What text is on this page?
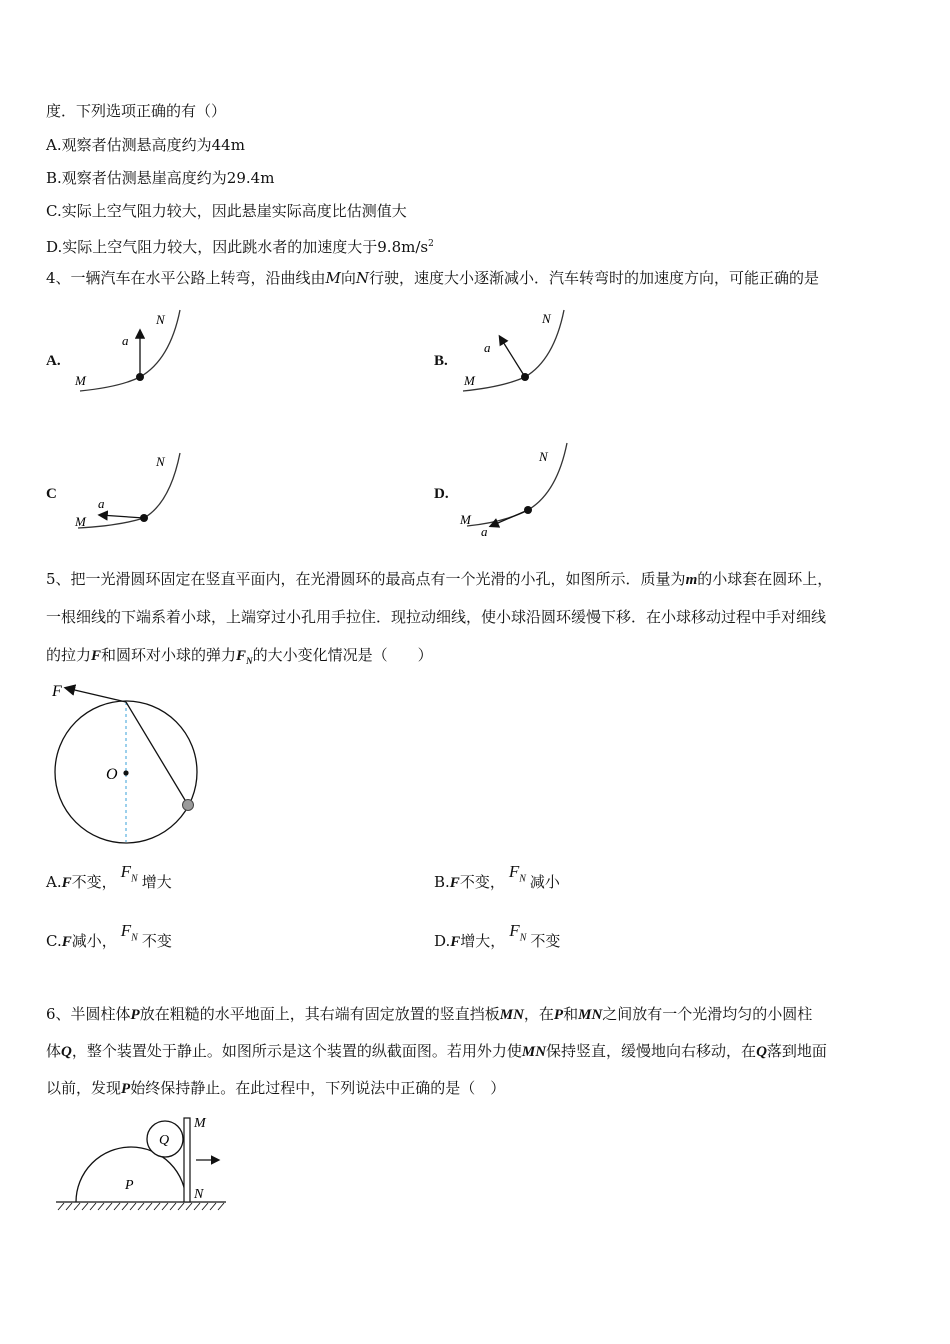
度．下列选项正确的有（）
A.观察者估测悬高度约为44m
B.观察者估测悬崖高度约为29.4m
C.实际上空气阻力较大，因此悬崖实际高度比估测值大
D.实际上空气阻力较大，因此跳水者的加速度大于$9.8m/s^2$
4、一辆汽车在水平公路上转弯，沿曲线由M向N行驶，速度大小逐渐减小．汽车转弯时的加速度方向，可能正确的是
A.	B.
C	D.
a
N
M
a
N
M
a
N
M
a
N
M
5、把一光滑圆环固定在竖直平面内，在光滑圆环的最高点有一个光滑的小孔，如图所示．质量为m的小球套在圆环上，
一根细线的下端系着小球，上端穿过小孔用手拉住．现拉动细线，使小球沿圆环缓慢下移．在小球移动过程中手对细线
的拉力F和圆环对小球的弹力$F_N$的大小变化情况是（　　）
F
O
A.F不变，$F_N$ 增大	B.F不变，$F_N$ 减小
C.F减小，$F_N$ 不变	D.F增大，$F_N$ 不变
6、半圆柱体P放在粗糙的水平地面上，其右端有固定放置的竖直挡板MN，在P和MN之间放有一个光滑均匀的小圆柱
体Q，整个装置处于静止。如图所示是这个装置的纵截面图。若用外力使MN保持竖直，缓慢地向右移动，在Q落到地面
以前，发现P始终保持静止。在此过程中，下列说法中正确的是（　）
Q
P
M
N
